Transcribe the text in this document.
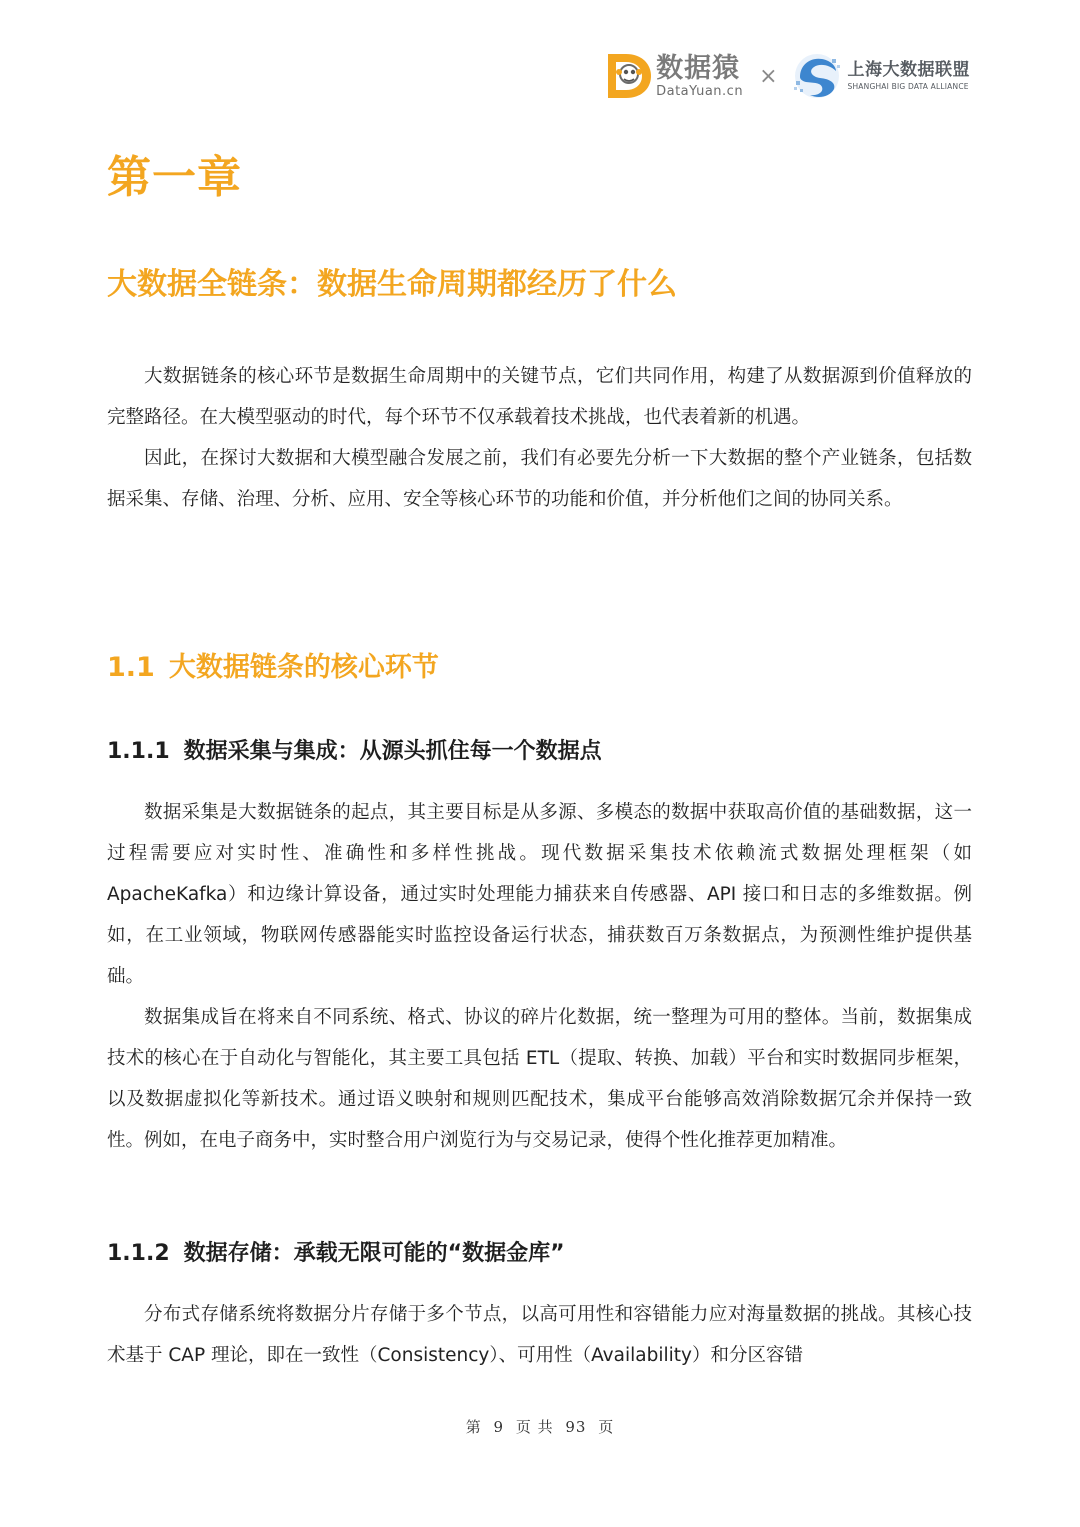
数据猿
DataYuan.cn
×	上海大数据联盟
SHANGHAI BIG DATA ALLIANCE
第一章
大数据全链条：数据生命周期都经历了什么

大数据链条的核心环节是数据生命周期中的关键节点，它们共同作用，构建了从数据源到价值释放的完整路径。在大模型驱动的时代，每个环节不仅承载着技术挑战，也代表着新的机遇。

因此，在探讨大数据和大模型融合发展之前，我们有必要先分析一下大数据的整个产业链条，包括数据采集、存储、治理、分析、应用、安全等核心环节的功能和价值，并分析他们之间的协同关系。

1.1 大数据链条的核心环节
1.1.1 数据采集与集成：从源头抓住每一个数据点

数据采集是大数据链条的起点，其主要目标是从多源、多模态的数据中获取高价值的基础数据，这一过程需要应对实时性、准确性和多样性挑战。现代数据采集技术依赖流式数据处理框架（如 ApacheKafka）和边缘计算设备，通过实时处理能力捕获来自传感器、API 接口和日志的多维数据。例如，在工业领域，物联网传感器能实时监控设备运行状态，捕获数百万条数据点，为预测性维护提供基础。

数据集成旨在将来自不同系统、格式、协议的碎片化数据，统一整理为可用的整体。当前，数据集成技术的核心在于自动化与智能化，其主要工具包括 ETL（提取、转换、加载）平台和实时数据同步框架，以及数据虚拟化等新技术。通过语义映射和规则匹配技术，集成平台能够高效消除数据冗余并保持一致性。例如，在电子商务中，实时整合用户浏览行为与交易记录，使得个性化推荐更加精准。

1.1.2 数据存储：承载无限可能的“数据金库”

分布式存储系统将数据分片存储于多个节点，以高可用性和容错能力应对海量数据的挑战。其核心技术基于 CAP 理论，即在一致性（Consistency）、可用性（Availability）和分区容错

第 9 页 共 93 页
